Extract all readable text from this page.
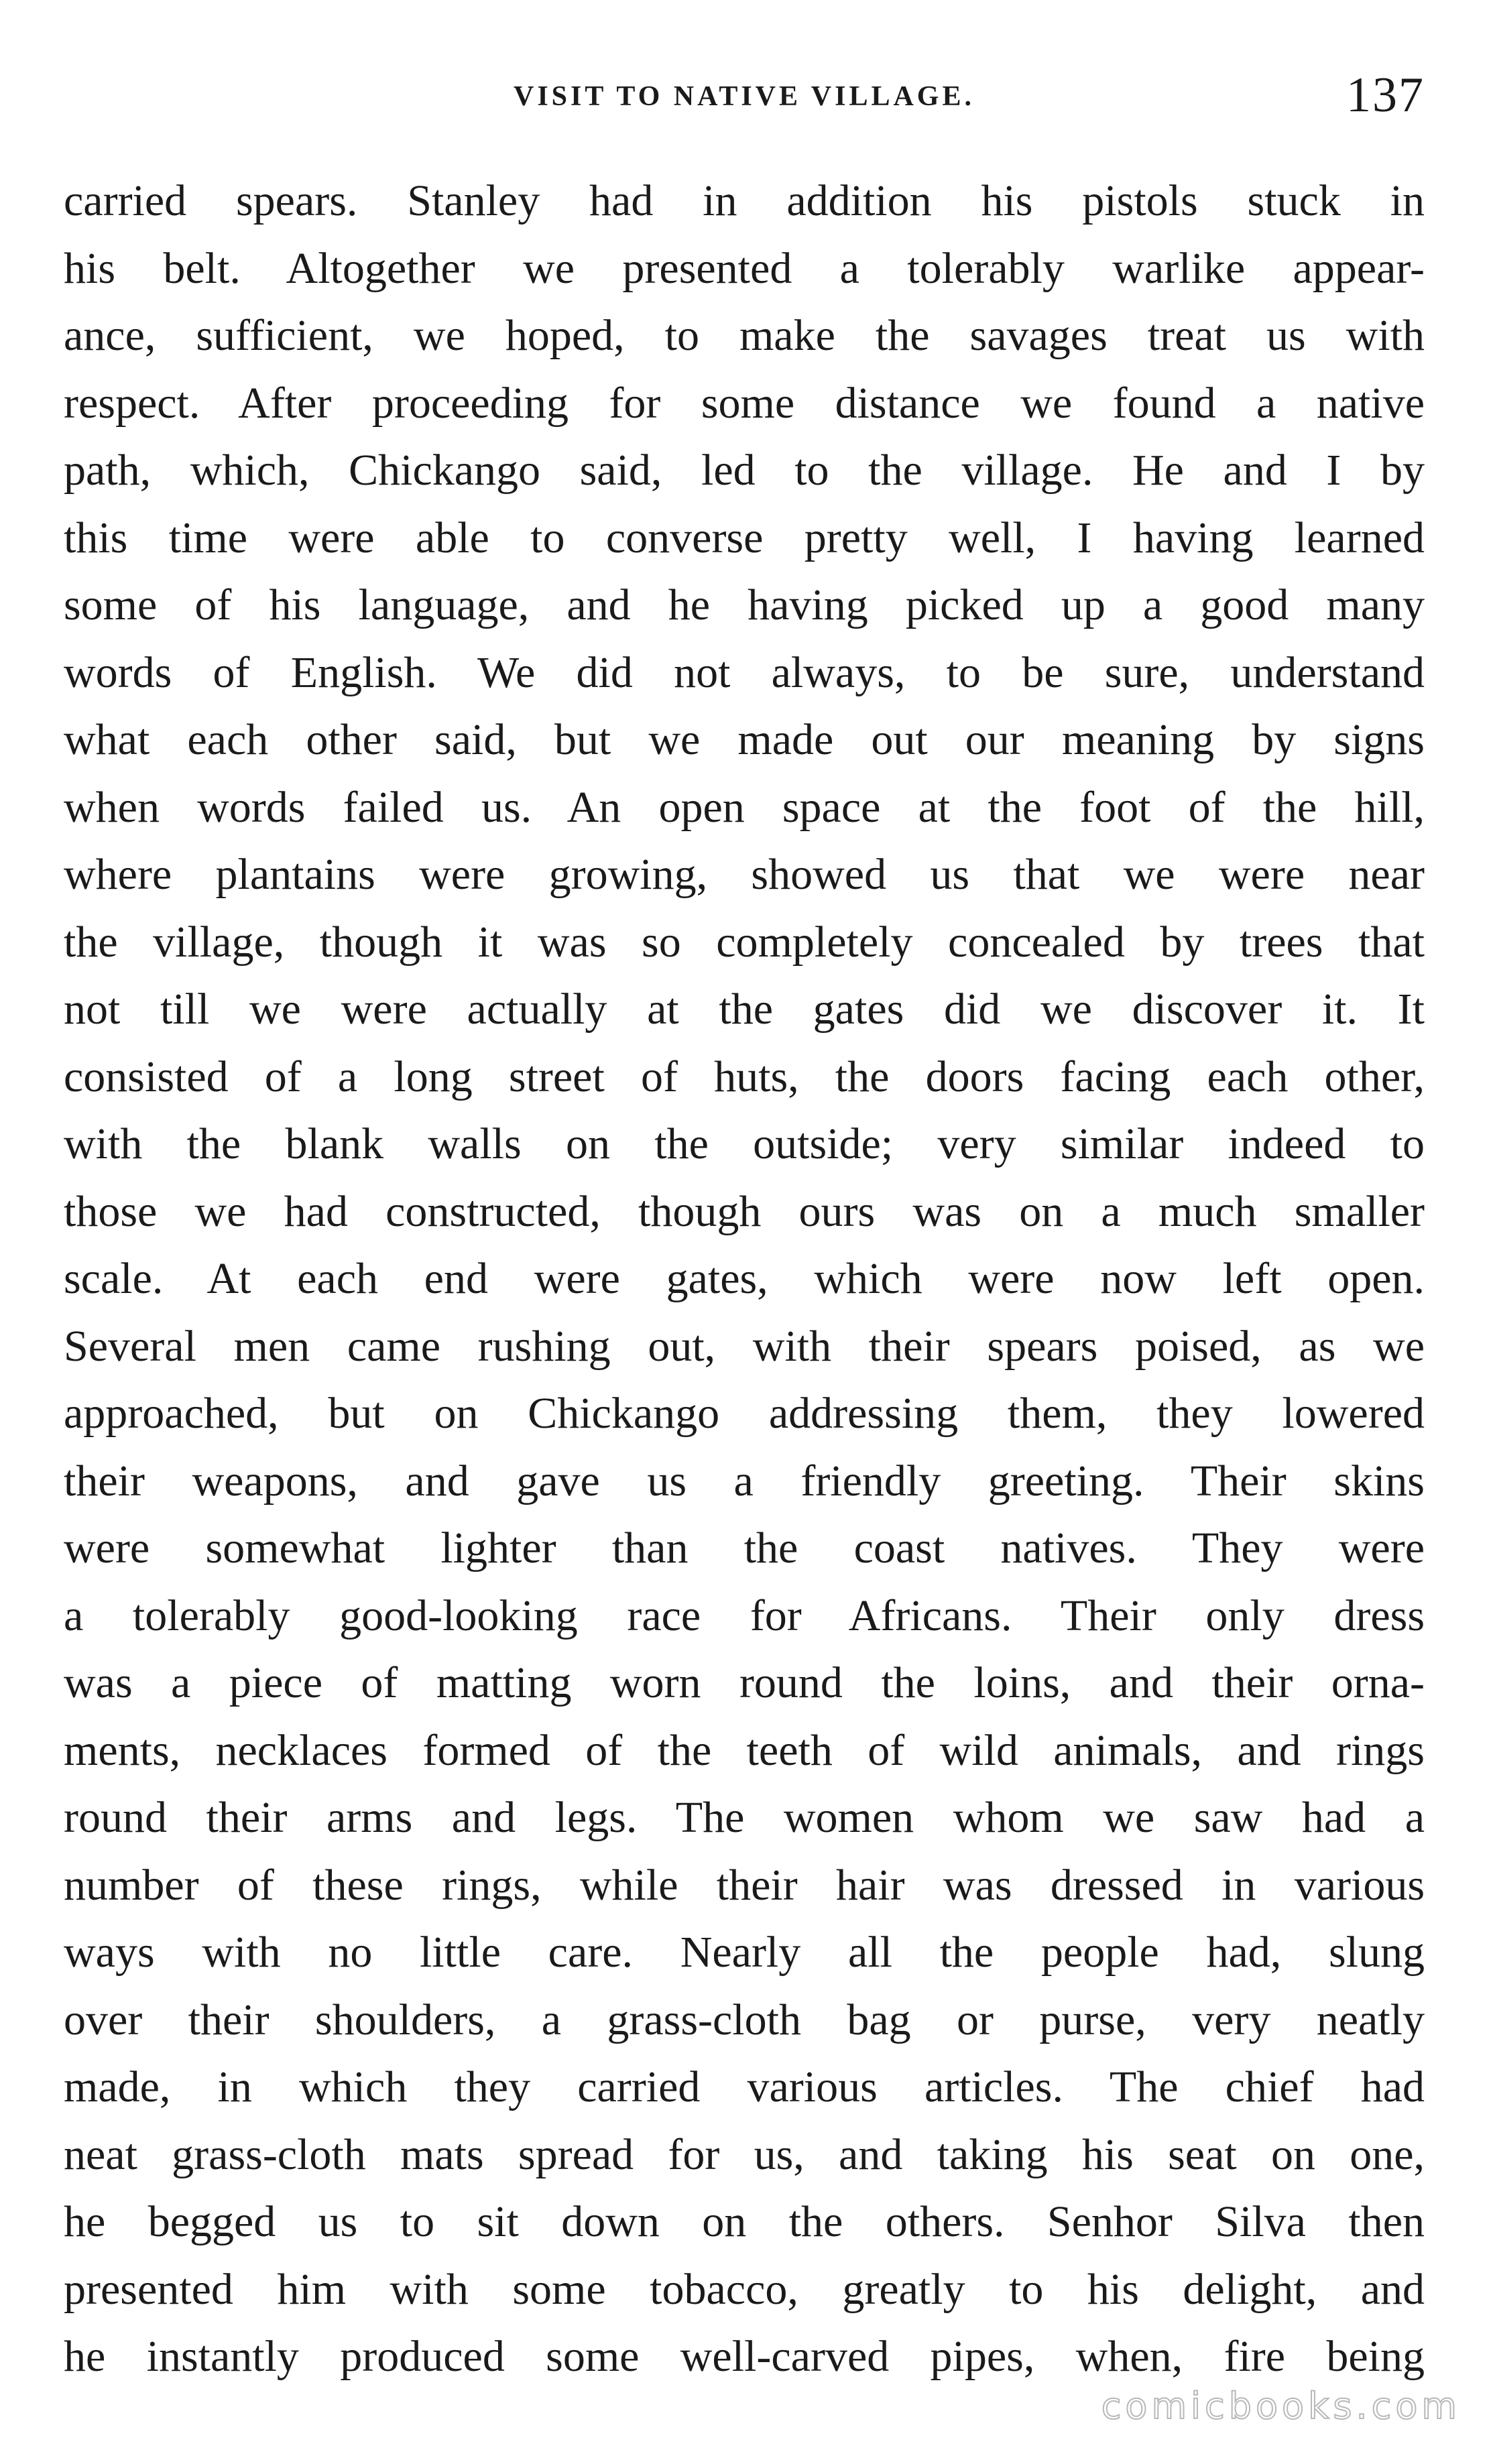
VISIT TO NATIVE VILLAGE.	137
carried spears. Stanley had in addition his pistols stuck in
his belt. Altogether we presented a tolerably warlike appear-
ance, sufficient, we hoped, to make the savages treat us with
respect. After proceeding for some distance we found a native
path, which, Chickango said, led to the village. He and I by
this time were able to converse pretty well, I having learned
some of his language, and he having picked up a good many
words of English. We did not always, to be sure, understand
what each other said, but we made out our meaning by signs
when words failed us. An open space at the foot of the hill,
where plantains were growing, showed us that we were near
the village, though it was so completely concealed by trees that
not till we were actually at the gates did we discover it. It
consisted of a long street of huts, the doors facing each other,
with the blank walls on the outside; very similar indeed to
those we had constructed, though ours was on a much smaller
scale. At each end were gates, which were now left open.
Several men came rushing out, with their spears poised, as we
approached, but on Chickango addressing them, they lowered
their weapons, and gave us a friendly greeting. Their skins
were somewhat lighter than the coast natives. They were
a tolerably good-looking race for Africans. Their only dress
was a piece of matting worn round the loins, and their orna-
ments, necklaces formed of the teeth of wild animals, and rings
round their arms and legs. The women whom we saw had a
number of these rings, while their hair was dressed in various
ways with no little care. Nearly all the people had, slung
over their shoulders, a grass-cloth bag or purse, very neatly
made, in which they carried various articles. The chief had
neat grass-cloth mats spread for us, and taking his seat on one,
he begged us to sit down on the others. Senhor Silva then
presented him with some tobacco, greatly to his delight, and
he instantly produced some well-carved pipes, when, fire being
comicbooks.com
